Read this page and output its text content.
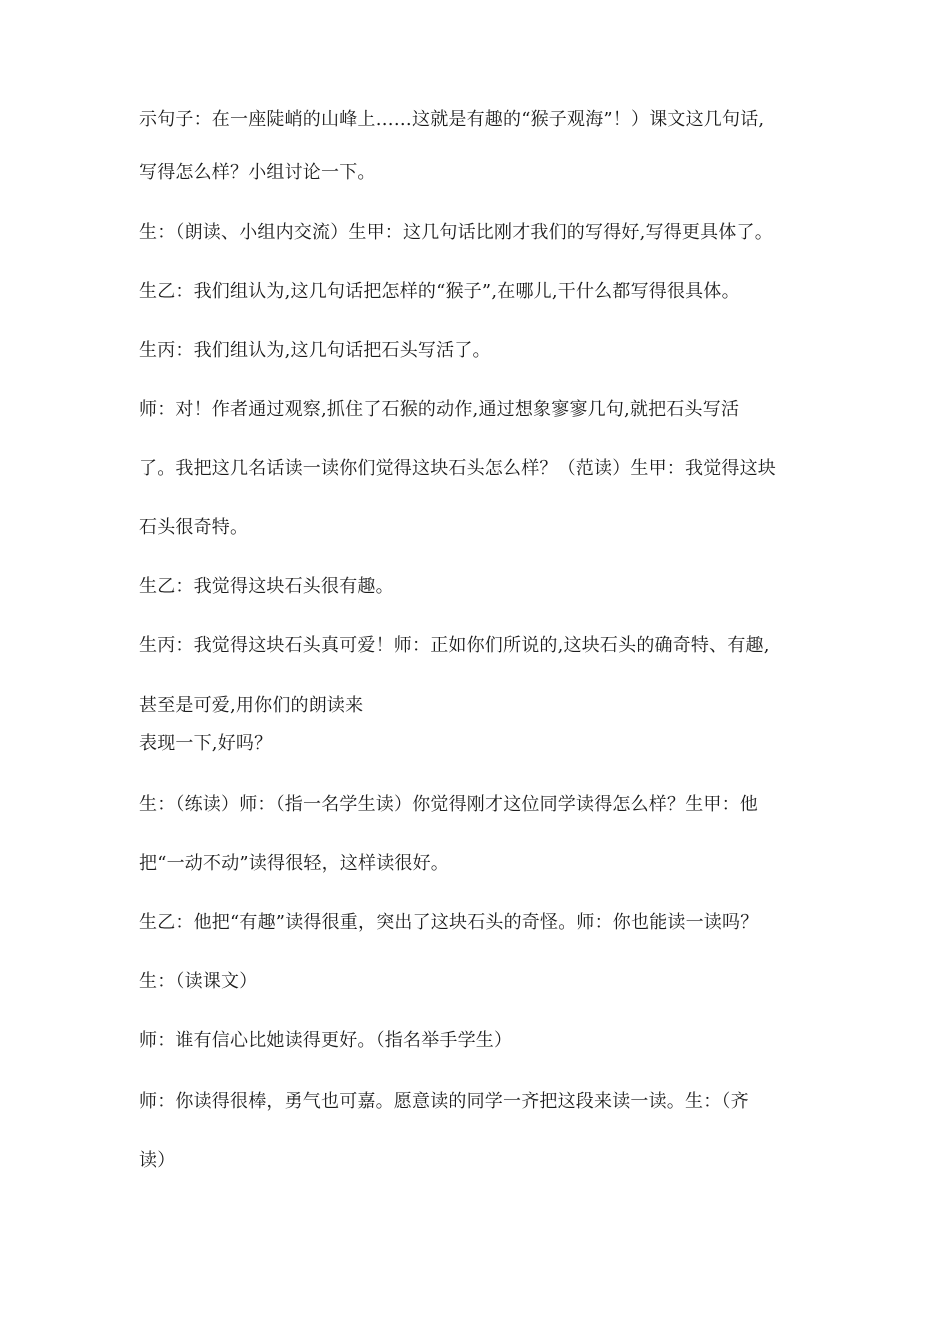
示句子：在一座陡峭的山峰上……这就是有趣的“猴子观海”！）课文这几句话,
写得怎么样？小组讨论一下。
生：（朗读、小组内交流）生甲：这几句话比刚才我们的写得好,写得更具体了。
生乙：我们组认为,这几句话把怎样的“猴子”,在哪儿,干什么都写得很具体。
生丙：我们组认为,这几句话把石头写活了。
师：对！作者通过观察,抓住了石猴的动作,通过想象寥寥几句,就把石头写活
了。我把这几名话读一读你们觉得这块石头怎么样？（范读）生甲：我觉得这块
石头很奇特。
生乙：我觉得这块石头很有趣。
生丙：我觉得这块石头真可爱！师：正如你们所说的,这块石头的确奇特、有趣,
甚至是可爱,用你们的朗读来
表现一下,好吗？
生：（练读）师：（指一名学生读）你觉得刚才这位同学读得怎么样？生甲：他
把“一动不动”读得很轻，这样读很好。
生乙：他把“有趣”读得很重，突出了这块石头的奇怪。师：你也能读一读吗？
生：（读课文）
师：谁有信心比她读得更好。（指名举手学生）
师：你读得很棒，勇气也可嘉。愿意读的同学一齐把这段来读一读。生：（齐
读）
